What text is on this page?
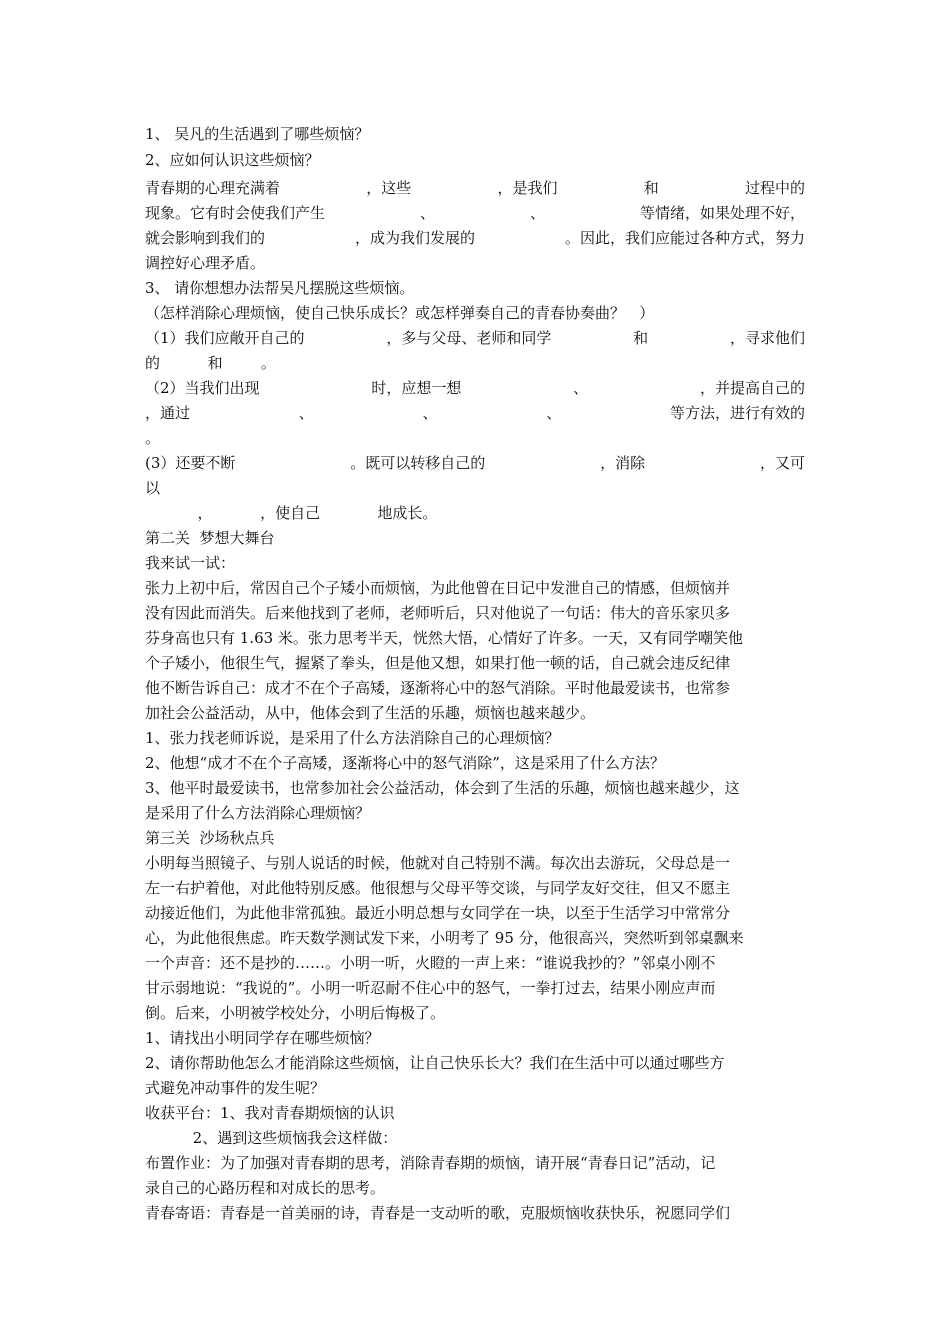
1、 吴凡的生活遇到了哪些烦恼？
2、应如何认识这些烦恼？
青春期的心理充满着	，这些	，是我们	和	过程中的
现象。它有时会使我们产生	、	、	等情绪，如果处理不好，
就会影响到我们的	，成为我们发展的	。因此，我们应能过各种方式，努力
调控好心理矛盾。
3、 请你想想办法帮吴凡摆脱这些烦恼。
（怎样消除心理烦恼，使自己快乐成长？或怎样弹奏自己的青春协奏曲？   ）
（1）我们应敞开自己的	，多与父母、老师和同学	和	，寻求他们
的          和        。
（2）当我们出现	时，应想一想	、	，并提高自己的
，通过	、	、	、	等方法，进行有效的
。
(3）还要不断	。既可以转移自己的	，消除	，又可
以
，          ，使自己            地成长。
第二关  梦想大舞台
我来试一试：
张力上初中后，常因自己个子矮小而烦恼，为此他曾在日记中发泄自己的情感，但烦恼并
没有因此而消失。后来他找到了老师，老师听后，只对他说了一句话：伟大的音乐家贝多
芬身高也只有 1.63 米。张力思考半天，恍然大悟，心情好了许多。一天，又有同学嘲笑他
个子矮小，他很生气，握紧了拳头，但是他又想，如果打他一顿的话，自己就会违反纪律
他不断告诉自己：成才不在个子高矮，逐渐将心中的怒气消除。平时他最爱读书，也常参
加社会公益活动，从中，他体会到了生活的乐趣，烦恼也越来越少。
1、张力找老师诉说，是采用了什么方法消除自己的心理烦恼？
2、他想“成才不在个子高矮，逐渐将心中的怒气消除”，这是采用了什么方法？
3、他平时最爱读书，也常参加社会公益活动，体会到了生活的乐趣，烦恼也越来越少，这
是采用了什么方法消除心理烦恼？
第三关  沙场秋点兵
小明每当照镜子、与别人说话的时候，他就对自己特别不满。每次出去游玩，父母总是一
左一右护着他，对此他特别反感。他很想与父母平等交谈，与同学友好交往，但又不愿主
动接近他们，为此他非常孤独。最近小明总想与女同学在一块，以至于生活学习中常常分
心，为此他很焦虑。昨天数学测试发下来，小明考了 95 分，他很高兴，突然听到邻桌飘来
一个声音：还不是抄的……。小明一听，火瞪的一声上来：“谁说我抄的？”邻桌小刚不
甘示弱地说：“我说的”。小明一听忍耐不住心中的怒气，一拳打过去，结果小刚应声而
倒。后来，小明被学校处分，小明后悔极了。
1、请找出小明同学存在哪些烦恼？
2、请你帮助他怎么才能消除这些烦恼，让自己快乐长大？我们在生活中可以通过哪些方
式避免冲动事件的发生呢？
收获平台：1、我对青春期烦恼的认识
2、遇到这些烦恼我会这样做：
布置作业：为了加强对青春期的思考，消除青春期的烦恼，请开展“青春日记”活动，记
录自己的心路历程和对成长的思考。
青春寄语：青春是一首美丽的诗，青春是一支动听的歌，克服烦恼收获快乐，祝愿同学们
